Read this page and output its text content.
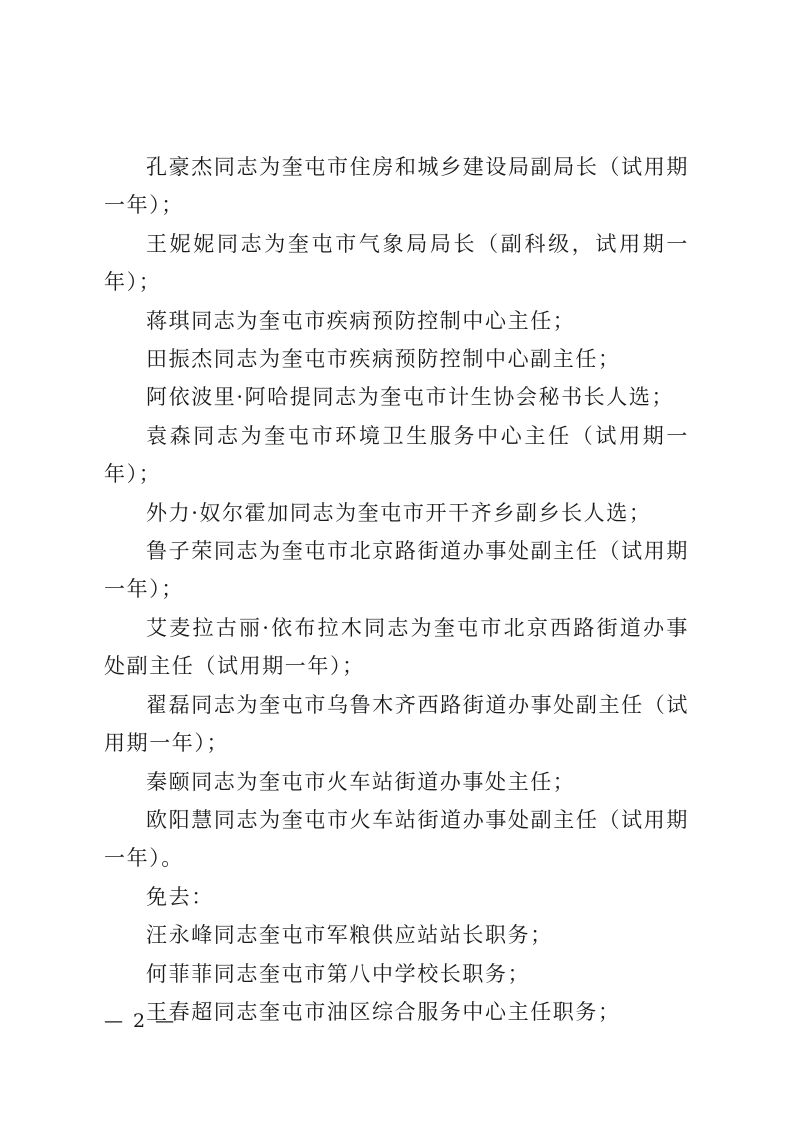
孔豪杰同志为奎屯市住房和城乡建设局副局长（试用期一年）；

王妮妮同志为奎屯市气象局局长（副科级，试用期一年）；

蒋琪同志为奎屯市疾病预防控制中心主任；

田振杰同志为奎屯市疾病预防控制中心副主任；

阿依波里·阿哈提同志为奎屯市计生协会秘书长人选；

袁森同志为奎屯市环境卫生服务中心主任（试用期一年）；

外力·奴尔霍加同志为奎屯市开干齐乡副乡长人选；

鲁子荣同志为奎屯市北京路街道办事处副主任（试用期一年）；

艾麦拉古丽·依布拉木同志为奎屯市北京西路街道办事处副主任（试用期一年）；

翟磊同志为奎屯市乌鲁木齐西路街道办事处副主任（试用期一年）；

秦颐同志为奎屯市火车站街道办事处主任；

欧阳慧同志为奎屯市火车站街道办事处副主任（试用期一年）。

免去：

汪永峰同志奎屯市军粮供应站站长职务；

何菲菲同志奎屯市第八中学校长职务；

王春超同志奎屯市油区综合服务中心主任职务；

— 2 —
